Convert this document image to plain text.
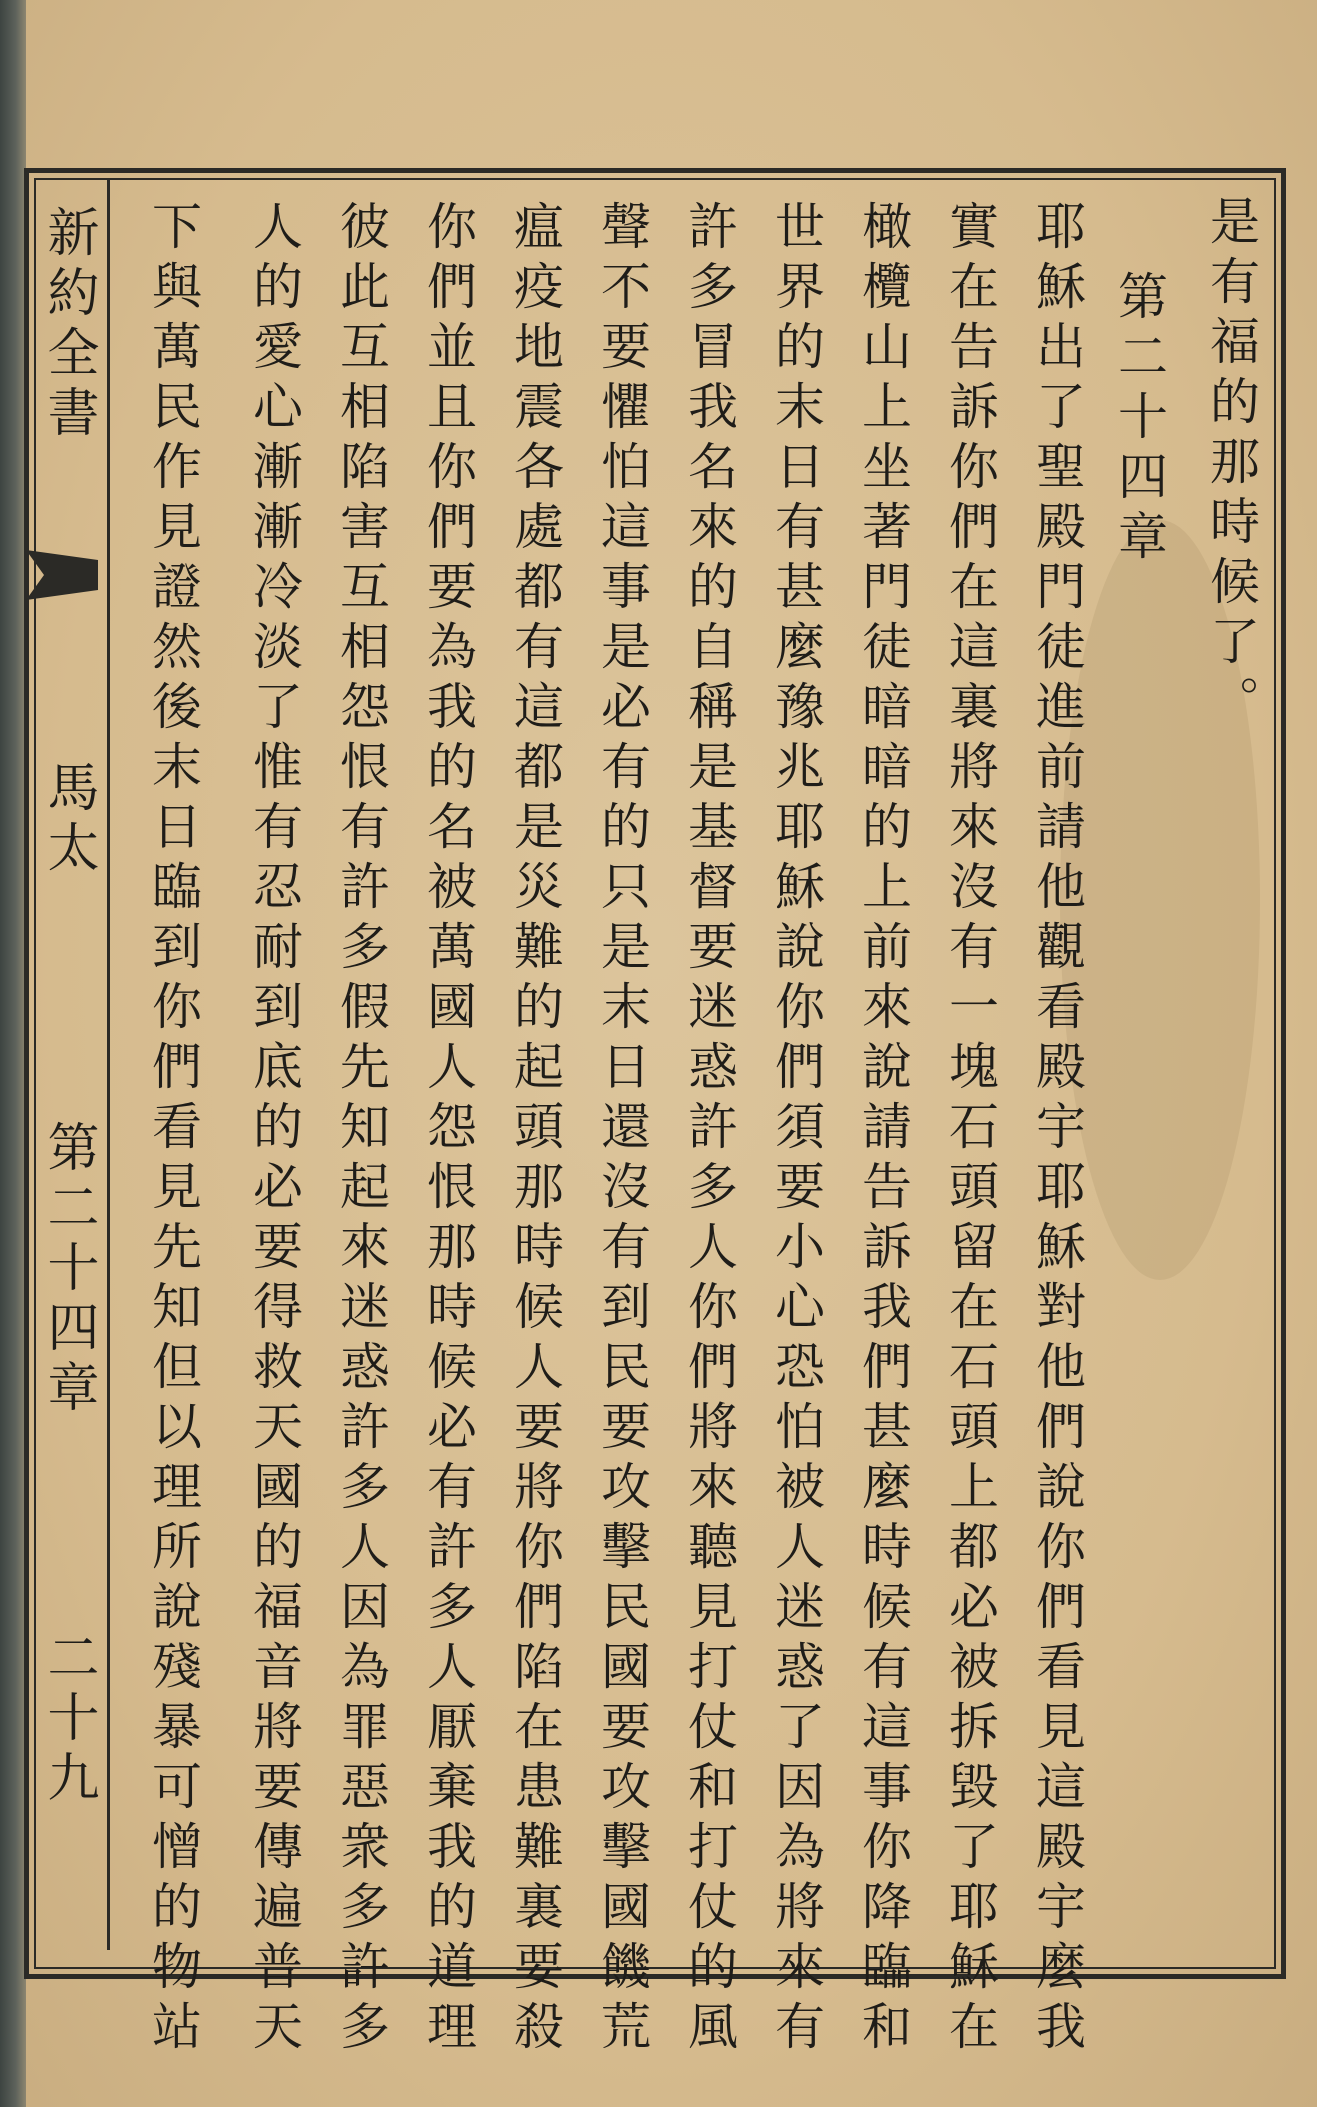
新約全書
馬太
第二十四章
二十九
是有福的那時候了。
第二十四章
耶穌出了聖殿門徒進前請他觀看殿宇耶穌對他們說你們看見這殿宇麼我
實在告訴你們在這裏將來沒有一塊石頭留在石頭上都必被拆毀了耶穌在
橄欖山上坐著門徒暗暗的上前來說請告訴我們甚麼時候有這事你降臨和
世界的末日有甚麼豫兆耶穌說你們須要小心恐怕被人迷惑了因為將來有
許多冒我名來的自稱是基督要迷惑許多人你們將來聽見打仗和打仗的風
聲不要懼怕這事是必有的只是末日還沒有到民要攻擊民國要攻擊國饑荒
瘟疫地震各處都有這都是災難的起頭那時候人要將你們陷在患難裏要殺
你們並且你們要為我的名被萬國人怨恨那時候必有許多人厭棄我的道理
彼此互相陷害互相怨恨有許多假先知起來迷惑許多人因為罪惡衆多許多
人的愛心漸漸冷淡了惟有忍耐到底的必要得救天國的福音將要傳遍普天
下與萬民作見證然後末日臨到你們看見先知但以理所說殘暴可憎的物站
